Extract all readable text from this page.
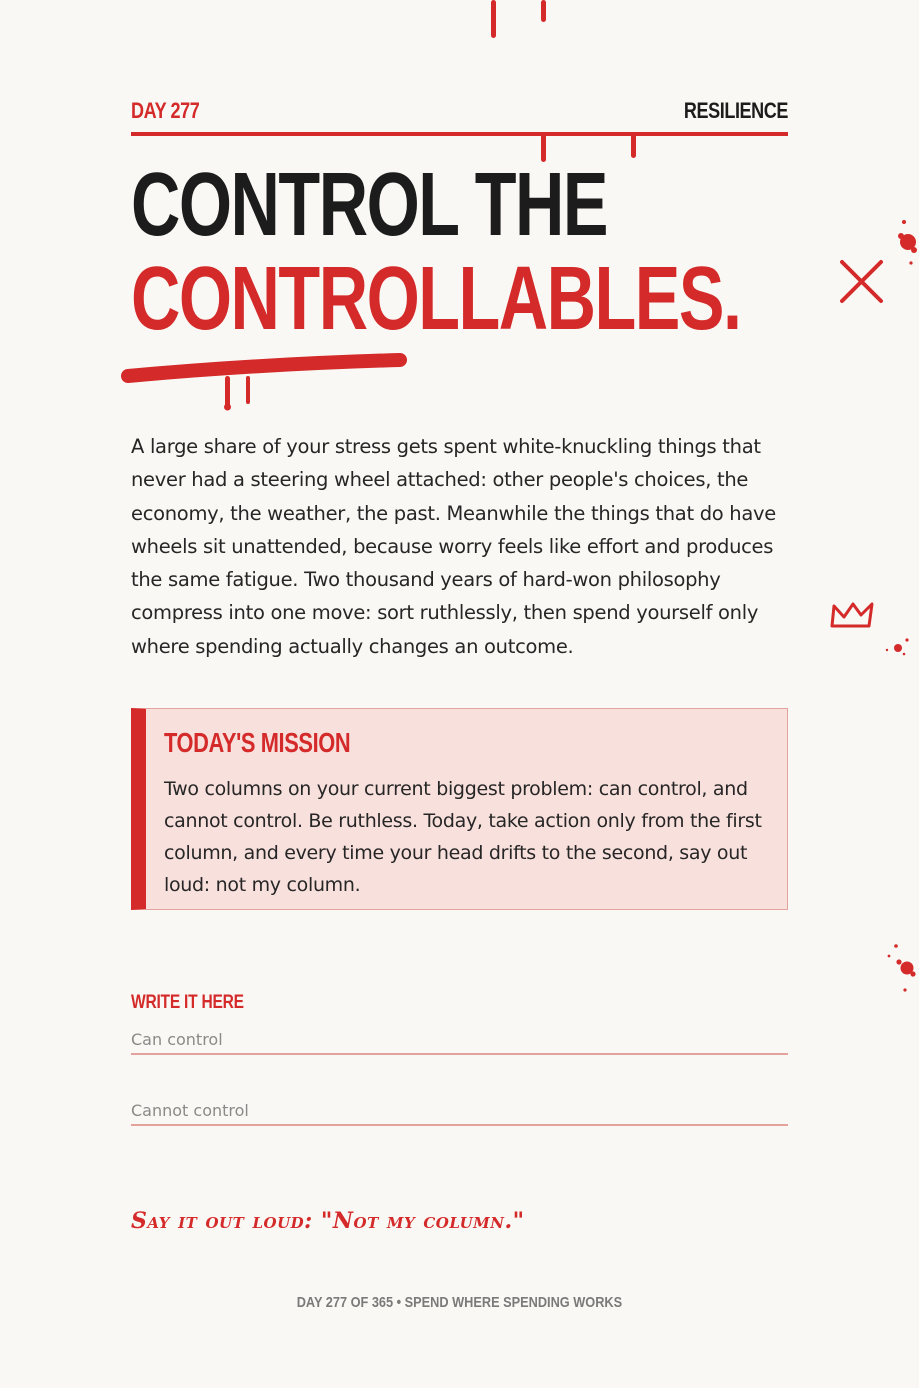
DAY 277	RESILIENCE
CONTROL THE
CONTROLLABLES.

A large share of your stress gets spent white-knuckling things that never had a steering wheel attached: other people's choices, the economy, the weather, the past. Meanwhile the things that do have wheels sit unattended, because worry feels like effort and produces the same fatigue. Two thousand years of hard-won philosophy compress into one move: sort ruthlessly, then spend yourself only where spending actually changes an outcome.

TODAY'S MISSION

Two columns on your current biggest problem: can control, and cannot control. Be ruthless. Today, take action only from the first column, and every time your head drifts to the second, say out loud: not my column.

WRITE IT HERE
Can control
Cannot control
Say it out loud: "Not my column."
DAY 277 OF 365 • SPEND WHERE SPENDING WORKS
